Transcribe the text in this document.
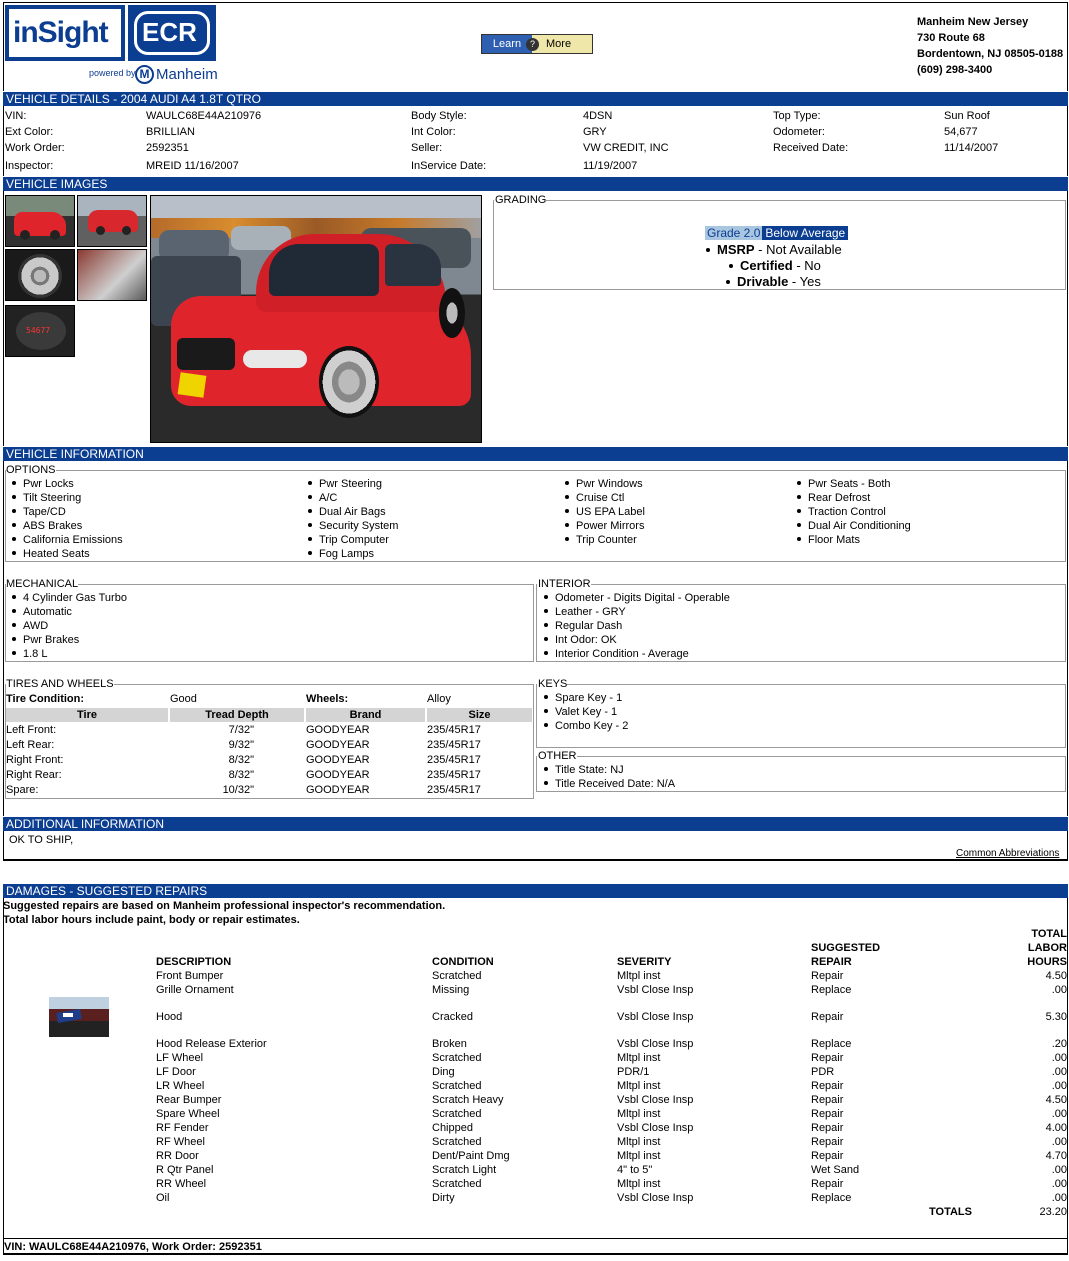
inSight ECR
powered by M Manheim
Learn ?	More
Manheim New Jersey
730 Route 68
Bordentown, NJ 08505-0188
(609) 298-3400
VEHICLE DETAILS - 2004 AUDI A4 1.8T QTRO
VIN:	WAULC68E44A210976	Body Style:	4DSN	Top Type:	Sun Roof
Ext Color:	BRILLIAN	Int Color:	GRY	Odometer:	54,677
Work Order:	2592351	Seller:	VW CREDIT, INC	Received Date:	11/14/2007
Inspector:	MREID 11/16/2007	InService Date:	11/19/2007
VEHICLE IMAGES
54677
GRADING
Grade 2.0 Below Average
MSRP - Not Available
Certified - No
Drivable - Yes
VEHICLE INFORMATION
OPTIONS
Pwr Locks
Tilt Steering
Tape/CD
ABS Brakes
California Emissions
Heated Seats
Pwr Steering
A/C
Dual Air Bags
Security System
Trip Computer
Fog Lamps
Pwr Windows
Cruise Ctl
US EPA Label
Power Mirrors
Trip Counter
Pwr Seats - Both
Rear Defrost
Traction Control
Dual Air Conditioning
Floor Mats
MECHANICAL
4 Cylinder Gas Turbo
Automatic
AWD
Pwr Brakes
1.8 L
INTERIOR
Odometer - Digits Digital - Operable
Leather - GRY
Regular Dash
Int Odor: OK
Interior Condition - Average
TIRES AND WHEELS
Tire Condition:	Good	Wheels:	Alloy
Tire	Tread Depth	Brand	Size
Left Front:	7/32"	GOODYEAR	235/45R17
Left Rear:	9/32"	GOODYEAR	235/45R17
Right Front:	8/32"	GOODYEAR	235/45R17
Right Rear:	8/32"	GOODYEAR	235/45R17
Spare:	10/32"	GOODYEAR	235/45R17
KEYS
Spare Key - 1
Valet Key - 1
Combo Key - 2
OTHER
Title State: NJ
Title Received Date: N/A
ADDITIONAL INFORMATION
OK TO SHIP,
Common Abbreviations
DAMAGES - SUGGESTED REPAIRS
Suggested repairs are based on Manheim professional inspector's recommendation.
Total labor hours include paint, body or repair estimates.
DESCRIPTION	CONDITION	SEVERITY
SUGGESTED
REPAIR
TOTAL
LABOR
HOURS
Front Bumper	Scratched	Mltpl inst	Repair	4.50
Grille Ornament	Missing	Vsbl Close Insp	Replace	.00
Hood	Cracked	Vsbl Close Insp	Repair	5.30
Hood Release Exterior	Broken	Vsbl Close Insp	Replace	.20
LF Wheel	Scratched	Mltpl inst	Repair	.00
LF Door	Ding	PDR/1	PDR	.00
LR Wheel	Scratched	Mltpl inst	Repair	.00
Rear Bumper	Scratch Heavy	Vsbl Close Insp	Repair	4.50
Spare Wheel	Scratched	Mltpl inst	Repair	.00
RF Fender	Chipped	Vsbl Close Insp	Repair	4.00
RF Wheel	Scratched	Mltpl inst	Repair	.00
RR Door	Dent/Paint Dmg	Mltpl inst	Repair	4.70
R Qtr Panel	Scratch Light	4" to 5"	Wet Sand	.00
RR Wheel	Scratched	Mltpl inst	Repair	.00
Oil	Dirty	Vsbl Close Insp	Replace	.00
TOTALS	23.20
VIN: WAULC68E44A210976, Work Order: 2592351
